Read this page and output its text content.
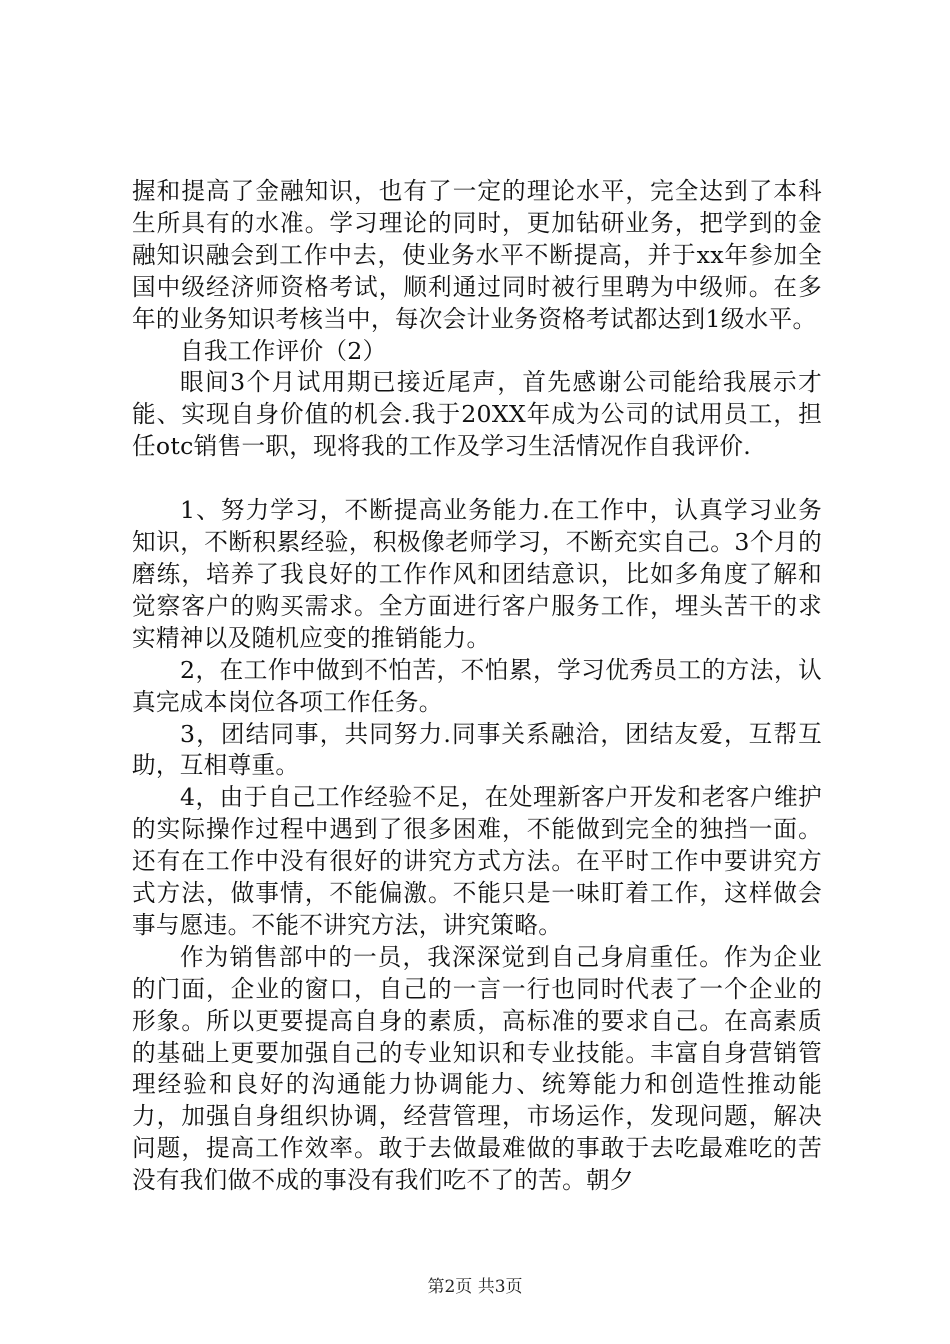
握和提高了金融知识，也有了一定的理论水平，完全达到了本科生所具有的水准。学习理论的同时，更加钻研业务，把学到的金融知识融会到工作中去，使业务水平不断提高，并于xx年参加全国中级经济师资格考试，顺利通过同时被行里聘为中级师。在多年的业务知识考核当中，每次会计业务资格考试都达到1级水平。

自我工作评价（2）

眼间3个月试用期已接近尾声，首先感谢公司能给我展示才能、实现自身价值的机会.我于20XX年成为公司的试用员工，担任otc销售一职，现将我的工作及学习生活情况作自我评价.

1、努力学习，不断提高业务能力.在工作中，认真学习业务知识，不断积累经验，积极像老师学习，不断充实自己。3个月的磨练，培养了我良好的工作作风和团结意识，比如多角度了解和觉察客户的购买需求。全方面进行客户服务工作，埋头苦干的求实精神以及随机应变的推销能力。

2，在工作中做到不怕苦，不怕累，学习优秀员工的方法，认真完成本岗位各项工作任务。

3，团结同事，共同努力.同事关系融洽，团结友爱，互帮互助，互相尊重。

4，由于自己工作经验不足，在处理新客户开发和老客户维护的实际操作过程中遇到了很多困难，不能做到完全的独挡一面。还有在工作中没有很好的讲究方式方法。在平时工作中要讲究方式方法，做事情，不能偏激。不能只是一味盯着工作，这样做会事与愿违。不能不讲究方法，讲究策略。

作为销售部中的一员，我深深觉到自己身肩重任。作为企业的门面，企业的窗口，自己的一言一行也同时代表了一个企业的形象。所以更要提高自身的素质，高标准的要求自己。在高素质的基础上更要加强自己的专业知识和专业技能。丰富自身营销管理经验和良好的沟通能力协调能力、统筹能力和创造性推动能力，加强自身组织协调，经营管理，市场运作，发现问题，解决问题，提高工作效率。敢于去做最难做的事敢于去吃最难吃的苦没有我们做不成的事没有我们吃不了的苦。朝夕

第2页 共3页
